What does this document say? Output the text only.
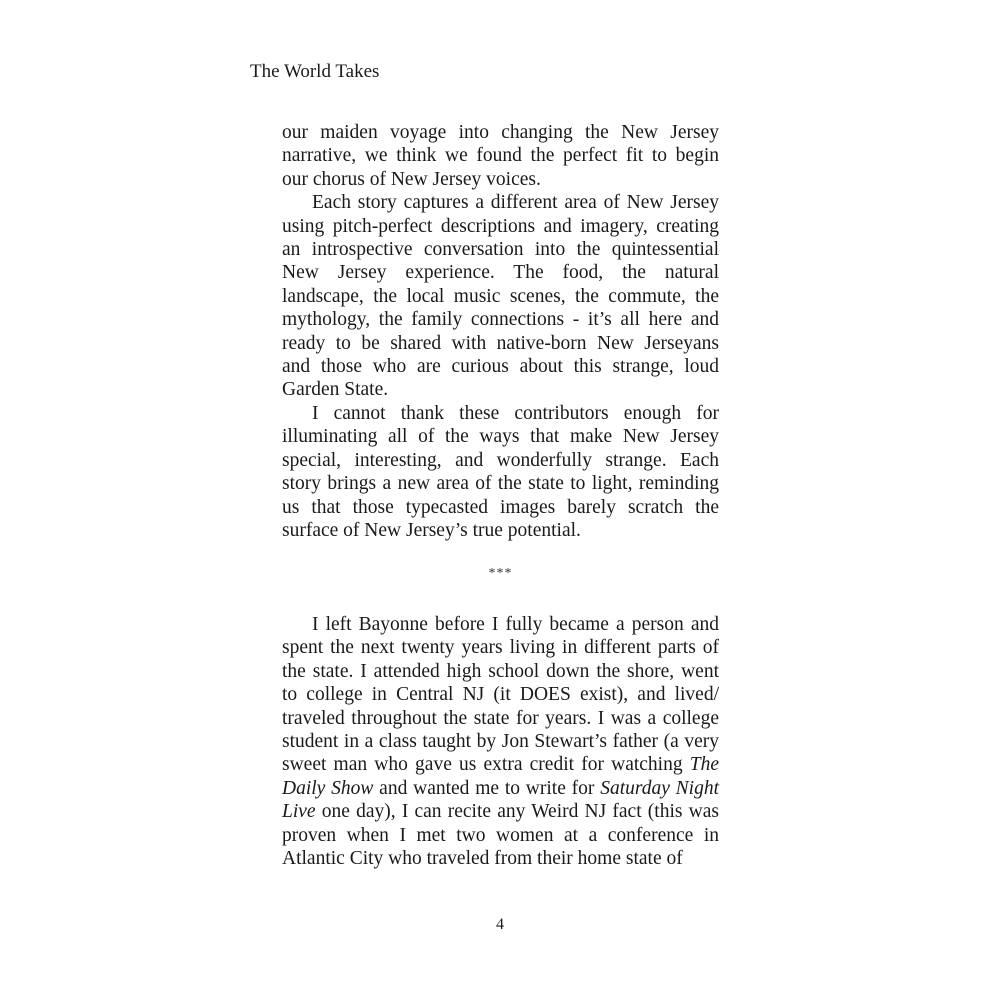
The World Takes

our maiden voyage into changing the New Jersey
narrative, we think we found the perfect fit to begin
our chorus of New Jersey voices.
Each story captures a different area of New Jersey
using pitch-perfect descriptions and imagery, creating
an introspective conversation into the quintessential
New Jersey experience. The food, the natural
landscape, the local music scenes, the commute, the
mythology, the family connections - it’s all here and
ready to be shared with native-born New Jerseyans
and those who are curious about this strange, loud
Garden State.
I cannot thank these contributors enough for
illuminating all of the ways that make New Jersey
special, interesting, and wonderfully strange. Each
story brings a new area of the state to light, reminding
us that those typecasted images barely scratch the
surface of New Jersey’s true potential.

***

I left Bayonne before I fully became a person and
spent the next twenty years living in different parts of
the state. I attended high school down the shore, went
to college in Central NJ (it DOES exist), and lived/
traveled throughout the state for years. I was a college
student in a class taught by Jon Stewart’s father (a very
sweet man who gave us extra credit for watching The
Daily Show and wanted me to write for Saturday Night
Live one day), I can recite any Weird NJ fact (this was
proven when I met two women at a conference in
Atlantic City who traveled from their home state of

4
